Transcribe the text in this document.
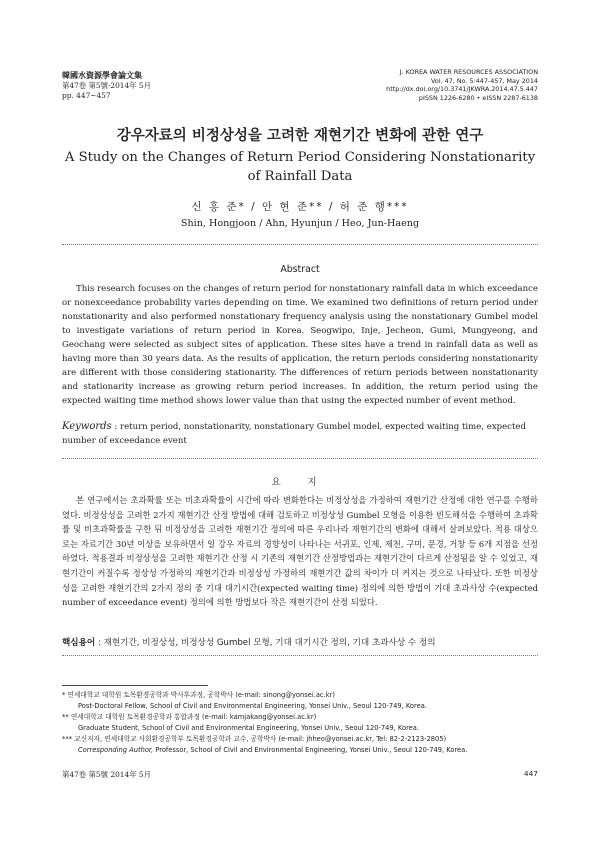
韓國水資源學會論文集
第47卷 第5號·2014年 5月
pp. 447~457
J. KOREA WATER RESOURCES ASSOCIATION
Vol. 47, No. 5:447-457, May 2014
http://dx.doi.org/10.3741/JKWRA.2014.47.5.447
pISSN 1226-6280 • eISSN 2287-6138
강우자료의 비정상성을 고려한 재현기간 변화에 관한 연구
A Study on the Changes of Return Period Considering Nonstationarity
of Rainfall Data
신 홍 준* / 안 현 준** / 허 준 행***
Shin, Hongjoon / Ahn, Hyunjun / Heo, Jun-Haeng
Abstract
This research focuses on the changes of return period for nonstationary rainfall data in which exceedance or nonexceedance probability varies depending on time. We examined two definitions of return period under nonstationarity and also performed nonstationary frequency analysis using the nonstationary Gumbel model to investigate variations of return period in Korea. Seogwipo, Inje, Jecheon, Gumi, Mungyeong, and Geochang were selected as subject sites of application. These sites have a trend in rainfall data as well as having more than 30 years data. As the results of application, the return periods considering nonstationarity are different with those considering stationarity. The differences of return periods between nonstationarity and stationarity increase as growing return period increases. In addition, the return period using the expected waiting time method shows lower value than that using the expected number of event method.
Keywords : return period, nonstationarity, nonstationary Gumbel model, expected waiting time, expected number of exceedance event
요 지
본 연구에서는 초과확률 또는 비초과확률이 시간에 따라 변화한다는 비정상성을 가정하여 재현기간 산정에 대한 연구를 수행하였다. 비정상성을 고려한 2가지 재현기간 산정 방법에 대해 검토하고 비정상성 Gumbel 모형을 이용한 빈도해석을 수행하여 초과확률 및 비초과확률을 구한 뒤 비정상성을 고려한 재현기간 정의에 따른 우리나라 재현기간의 변화에 대해서 살펴보았다. 적용 대상으로는 자료기간 30년 이상을 보유하면서 일 강우 자료의 경향성이 나타나는 서귀포, 인제, 제천, 구미, 문경, 거창 등 6개 지점을 선정하였다. 적용결과 비정상성을 고려한 재현기간 산정 시 기존의 재현기간 산정방법과는 재현기간이 다르게 산정됨을 알 수 있었고, 재현기간이 커질수록 정상성 가정하의 재현기간과 비정상성 가정하의 재현기간 값의 차이가 더 커지는 것으로 나타났다. 또한 비정상성을 고려한 재현기간의 2가지 정의 중 기대 대기시간(expected waiting time) 정의에 의한 방법이 기대 초과사상 수(expected number of exceedance event) 정의에 의한 방법보다 작은 재현기간이 산정 되었다.
핵심용어 : 재현기간, 비정상성, 비정상성 Gumbel 모형, 기대 대기시간 정의, 기대 초과사상 수 정의

* 연세대학교 대학원 토목환경공학과 박사후과정, 공학박사 (e-mail: sinong@yonsei.ac.kr)

Post-Doctoral Fellow, School of Civil and Environmental Engineering, Yonsei Univ., Seoul 120-749, Korea.

** 연세대학교 대학원 토목환경공학과 통합과정 (e-mail: kamjakang@yonsei.ac.kr)

Graduate Student, School of Civil and Environmental Engineering, Yonsei Univ., Seoul 120-749, Korea.

*** 교신저자, 연세대학교 사회환경공학부 토목환경공학과 교수, 공학박사 (e-mail: jhheo@yonsei.ac.kr, Tel: 82-2-2123-2805)

Corresponding Author, Professor, School of Civil and Environmental Engineering, Yonsei Univ., Seoul 120-749, Korea.

第47卷 第5號 2014年 5月	447
